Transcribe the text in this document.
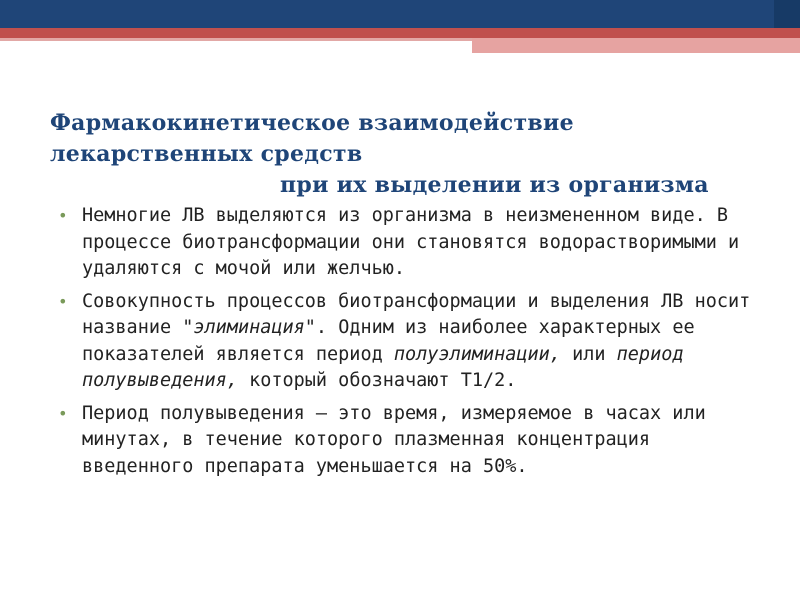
Фармакокинетическое взаимодействие
лекарственных средств
при их выделении из организма
• Немногие ЛВ выделяются из организма в неизмененном виде. В процессе биотрансформации они становятся водорастворимыми и удаляются с мочой или желчью.
• Совокупность процессов биотрансформации и выделения ЛВ носит название "элиминация". Одним из наиболее характерных ее показателей является период полуэлиминации, или период полувыведения, который обозначают Т1/2.
• Период полувыведения — это время, измеряемое в часах или минутах, в течение которого плазменная концентрация введенного препарата уменьшается на 50%.
